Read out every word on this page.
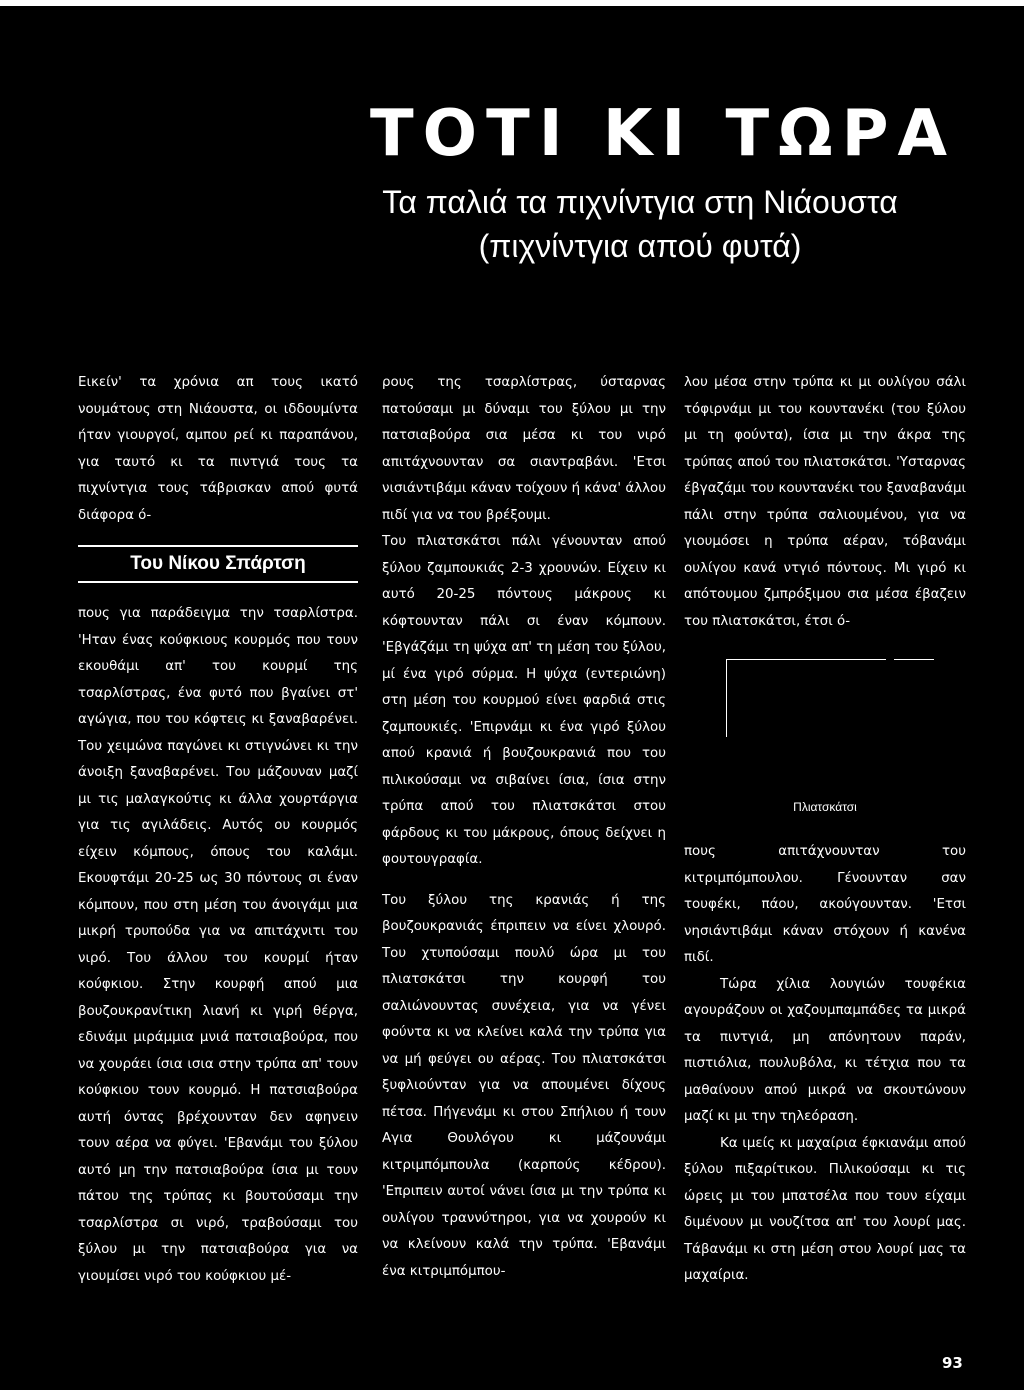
ΤΟΤΙ ΚΙ ΤΩΡΑ
Τα παλιά τα πιχνίντγια στη Νιάουστα
(πιχνίντγια απού φυτά)

Εικείν' τα χρόνια απ τους ικατό νουμάτους στη Νιάουστα, οι ιδδουμίντα ήταν γιουργοί, αμπου ρεί κι παραπάνου, για ταυτό κι τα πιντγιά τους τα πιχνίντγια τους τάβρισκαν απού φυτά διάφορα ό-

Του Νίκου Σπάρτση

πους για παράδειγμα την τσαρλίστρα. 'Ηταν ένας κούφκιους κουρμός που τουν εκουθάμι απ' του κουρμί της τσαρλίστρας, ένα φυτό που βγαίνει στ' αγώγια, που του κόφτεις κι ξαναβαρένει. Του χειμώνα παγώνει κι στιγνώνει κι την άνοιξη ξαναβαρένει. Του μάζουναν μαζί μι τις μαλαγκούτις κι άλλα χουρτάργια για τις αγιλάδεις. Αυτός ου κουρμός είχειν κόμπους, όπους του καλάμι. Εκουφτάμι 20-25 ως 30 πόντους σι έναν κόμπουν, που στη μέση του άνοιγάμι μια μικρή τρυπούδα για να απιτάχνιτι του νιρό. Του άλλου του κουρμί ήταν κούφκιου. Στην κουρφή απού μια βουζουκρανίτικη λιανή κι γιρή θέργα, εδινάμι μιράμμια μνιά πατσιαβούρα, που να χουράει ίσια ισια στην τρύπα απ' τουν κούφκιου τουν κουρμό. Η πατσιαβούρα αυτή όντας βρέχουνταν δεν αφηνειν τουν αέρα να φύγει. 'Εβανάμι του ξύλου αυτό μη την πατσιαβούρα ίσια μι τουν πάτου της τρύπας κι βουτούσαμι την τσαρλίστρα σι νιρό, τραβούσαμι του ξύλου μι την πατσιαβούρα για να γιουμίσει νιρό του κούφκιου μέ-

ρους της τσαρλίστρας, ύσταρνας πατούσαμι μι δύναμι του ξύλου μι την πατσιαβούρα σια μέσα κι του νιρό απιτάχνουνταν σα σιαντραβάνι. 'Ετσι νισιάντιβάμι κάναν τοίχουν ή κάνα' άλλου πιδί για να του βρέξουμι.

Του πλιατσκάτσι πάλι γένουνταν απού ξύλου ζαμπουκιάς 2-3 χρουνών. Είχειν κι αυτό 20-25 πόντους μάκρους κι κόφτουνταν πάλι σι έναν κόμπουν. 'Εβγάζάμι τη ψύχα απ' τη μέση του ξύλου, μί ένα γιρό σύρμα. Η ψύχα (εντεριώνη) στη μέση του κουρμού είνει φαρδιά στις ζαμπουκιές. 'Επιρνάμι κι ένα γιρό ξύλου απού κρανιά ή βουζουκρανιά που του πιλικούσαμι να σιβαίνει ίσια, ίσια στην τρύπα απού του πλιατσκάτσι στου φάρδους κι του μάκρους, όπους δείχνει η φουτουγραφία.

Του ξύλου της κρανιάς ή της βουζουκρανιάς έπριπειν να είνει χλουρό. Του χτυπούσαμι πουλύ ώρα μι του πλιατσκάτσι την κουρφή του σαλιώνουντας συνέχεια, για να γένει φούντα κι να κλείνει καλά την τρύπα για να μή φεύγει ου αέρας. Του πλιατσκάτσι ξυφλιούνταν για να απουμένει δίχους πέτσα. Πήγενάμι κι στου Σπήλιου ή τουν Αγια Θουλόγου κι μάζουνάμι κιτριμπόμπουλα (καρπούς κέδρου). 'Επριπειν αυτοί νάνει ίσια μι την τρύπα κι ουλίγου τραννύτηροι, για να χουρούν κι να κλείνουν καλά την τρύπα. 'Εβανάμι ένα κιτριμπόμπου-

λου μέσα στην τρύπα κι μι ουλίγου σάλι τόφιρνάμι μι του κουντανέκι (του ξύλου μι τη φούντα), ίσια μι την άκρα της τρύπας απού του πλιατσκάτσι. 'Υσταρνας έβγαζάμι του κουντανέκι του ξαναβανάμι πάλι στην τρύπα σαλιουμένου, για να γιουμόσει η τρύπα αέραν, τόβανάμι ουλίγου κανά ντγιό πόντους. Μι γιρό κι απότουμου ζμπρόξιμου σια μέσα έβαζειν του πλιατσκάτσι, έτσι ό-

Πλιατσκάτσι

πους απιτάχνουνταν του κιτριμπόμπουλου. Γένουνταν σαν τουφέκι, πάου, ακούγουνταν. 'Ετσι νησιάντιβάμι κάναν στόχουν ή κανένα πιδί.

Τώρα χίλια λουγιών τουφέκια αγουράζουν οι χαζουμπαμπάδες τα μικρά τα πιντγιά, μη απόνητουν παράν, πιστιόλια, πουλυβόλα, κι τέτχια που τα μαθαίνουν απού μικρά να σκουτώνουν μαζί κι μι την τηλεόραση.

Κα ιμείς κι μαχαίρια έφκιανάμι απού ξύλου πιξαρίτικου. Πιλικούσαμι κι τις ώρεις μι του μπατσέλα που τουν είχαμι διμένουν μι νουζίτσα απ' του λουρί μας. Τάβανάμι κι στη μέση στου λουρί μας τα μαχαίρια.

93
